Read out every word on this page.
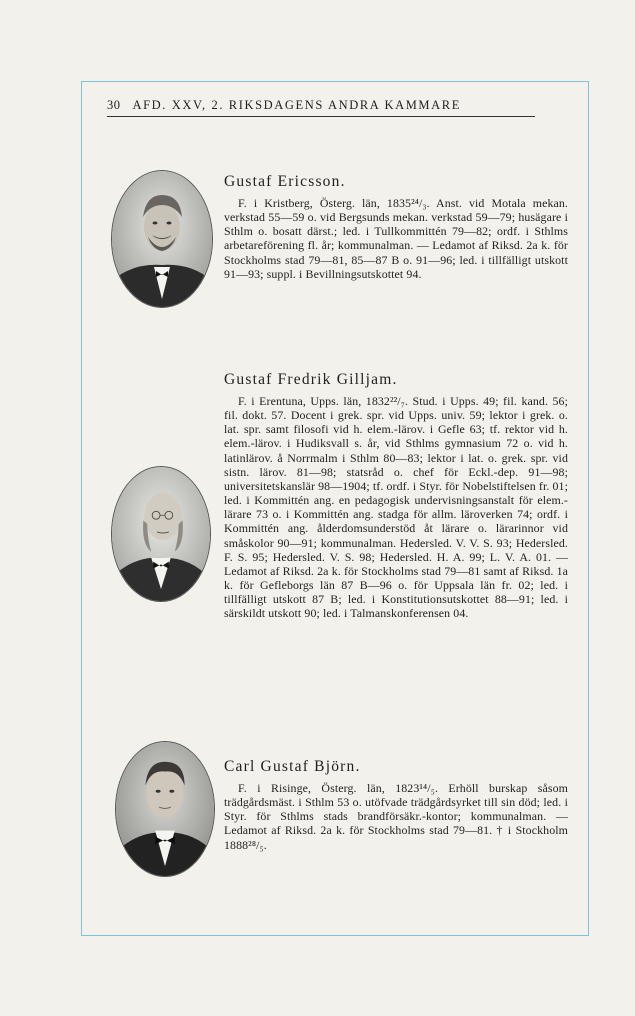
30 AFD. XXV, 2. RIKSDAGENS ANDRA KAMMARE
Gustaf Ericsson.

F. i Kristberg, Österg. län, 1835²⁴/₃. Anst. vid Motala mekan. verkstad 55—59 o. vid Bergsunds mekan. verkstad 59—79; husägare i Sthlm o. bosatt därst.; led. i Tullkommittén 79—82; ordf. i Sthlms arbetareförening fl. år; kommunalman. — Ledamot af Riksd. 2a k. för Stockholms stad 79—81, 85—87 B o. 91—96; led. i tillfälligt utskott 91—93; suppl. i Bevillningsutskottet 94.

Gustaf Fredrik Gilljam.

F. i Erentuna, Upps. län, 1832²²/₇. Stud. i Upps. 49; fil. kand. 56; fil. dokt. 57. Docent i grek. spr. vid Upps. univ. 59; lektor i grek. o. lat. spr. samt filosofi vid h. elem.-lärov. i Gefle 63; tf. rektor vid h. elem.-lärov. i Hudiksvall s. år, vid Sthlms gymnasium 72 o. vid h. latinlärov. å Norrmalm i Sthlm 80—83; lektor i lat. o. grek. spr. vid sistn. lärov. 81—98; statsråd o. chef för Eckl.-dep. 91—98; universitetskanslär 98—1904; tf. ordf. i Styr. för Nobelstiftelsen fr. 01; led. i Kommittén ang. en pedagogisk undervisningsanstalt för elem.-lärare 73 o. i Kommittén ang. stadga för allm. läroverken 74; ordf. i Kommittén ang. ålderdomsunderstöd åt lärare o. lärarinnor vid småskolor 90—91; kommunalman. Hedersled. V. V. S. 93; Hedersled. F. S. 95; Hedersled. V. S. 98; Hedersled. H. A. 99; L. V. A. 01. — Ledamot af Riksd. 2a k. för Stockholms stad 79—81 samt af Riksd. 1a k. för Gefleborgs län 87 B—96 o. för Uppsala län fr. 02; led. i tillfälligt utskott 87 B; led. i Konstitutionsutskottet 88—91; led. i särskildt utskott 90; led. i Talmanskonferensen 04.

Carl Gustaf Björn.

F. i Risinge, Österg. län, 1823¹⁴/₅. Erhöll burskap såsom trädgårdsmäst. i Sthlm 53 o. utöfvade trädgårdsyrket till sin död; led. i Styr. för Sthlms stads brandförsäkr.-kontor; kommunalman. — Ledamot af Riksd. 2a k. för Stockholms stad 79—81. † i Stockholm 1888²⁸/₅.
